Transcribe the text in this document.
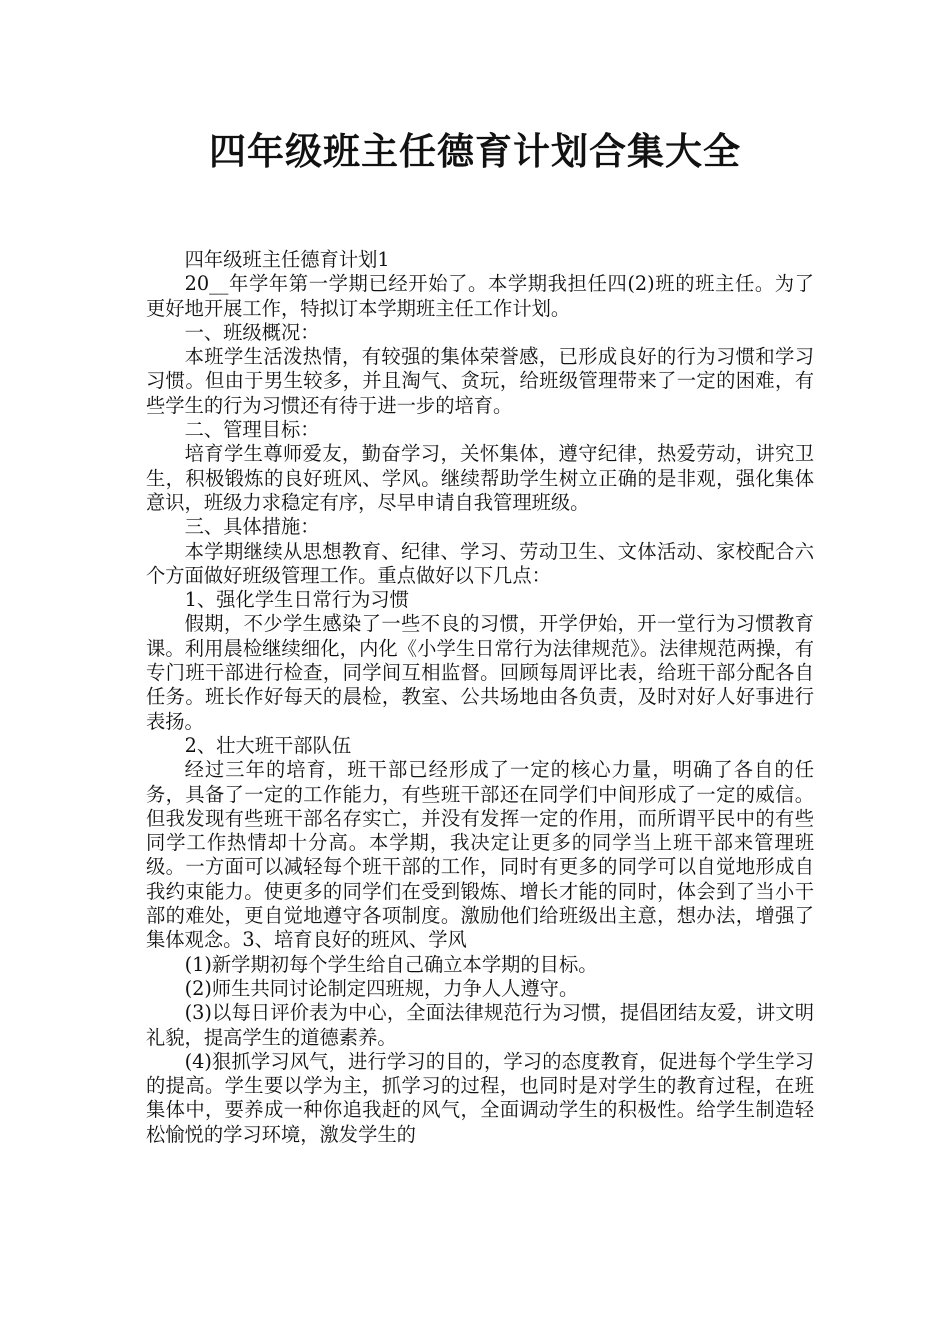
四年级班主任德育计划合集大全

四年级班主任德育计划1

20__年学年第一学期已经开始了。本学期我担任四(2)班的班主任。为了更好地开展工作，特拟订本学期班主任工作计划。

一、班级概况：

本班学生活泼热情，有较强的集体荣誉感，已形成良好的行为习惯和学习习惯。但由于男生较多，并且淘气、贪玩，给班级管理带来了一定的困难，有些学生的行为习惯还有待于进一步的培育。

二、管理目标：

培育学生尊师爱友，勤奋学习，关怀集体，遵守纪律，热爱劳动，讲究卫生，积极锻炼的良好班风、学风。继续帮助学生树立正确的是非观，强化集体意识，班级力求稳定有序，尽早申请自我管理班级。

三、具体措施：

本学期继续从思想教育、纪律、学习、劳动卫生、文体活动、家校配合六个方面做好班级管理工作。重点做好以下几点：

1、强化学生日常行为习惯

假期，不少学生感染了一些不良的习惯，开学伊始，开一堂行为习惯教育课。利用晨检继续细化，内化《小学生日常行为法律规范》。法律规范两操，有专门班干部进行检查，同学间互相监督。回顾每周评比表，给班干部分配各自任务。班长作好每天的晨检，教室、公共场地由各负责，及时对好人好事进行表扬。

2、壮大班干部队伍

经过三年的培育，班干部已经形成了一定的核心力量，明确了各自的任务，具备了一定的工作能力，有些班干部还在同学们中间形成了一定的威信。但我发现有些班干部名存实亡，并没有发挥一定的作用，而所谓平民中的有些同学工作热情却十分高。本学期，我决定让更多的同学当上班干部来管理班级。一方面可以减轻每个班干部的工作，同时有更多的同学可以自觉地形成自我约束能力。使更多的同学们在受到锻炼、增长才能的同时，体会到了当小干部的难处，更自觉地遵守各项制度。激励他们给班级出主意，想办法，增强了集体观念。3、培育良好的班风、学风

(1)新学期初每个学生给自己确立本学期的目标。

(2)师生共同讨论制定四班规，力争人人遵守。

(3)以每日评价表为中心，全面法律规范行为习惯，提倡团结友爱，讲文明礼貌，提高学生的道德素养。

(4)狠抓学习风气，进行学习的目的，学习的态度教育，促进每个学生学习的提高。学生要以学为主，抓学习的过程，也同时是对学生的教育过程，在班集体中，要养成一种你追我赶的风气，全面调动学生的积极性。给学生制造轻松愉悦的学习环境，激发学生的
